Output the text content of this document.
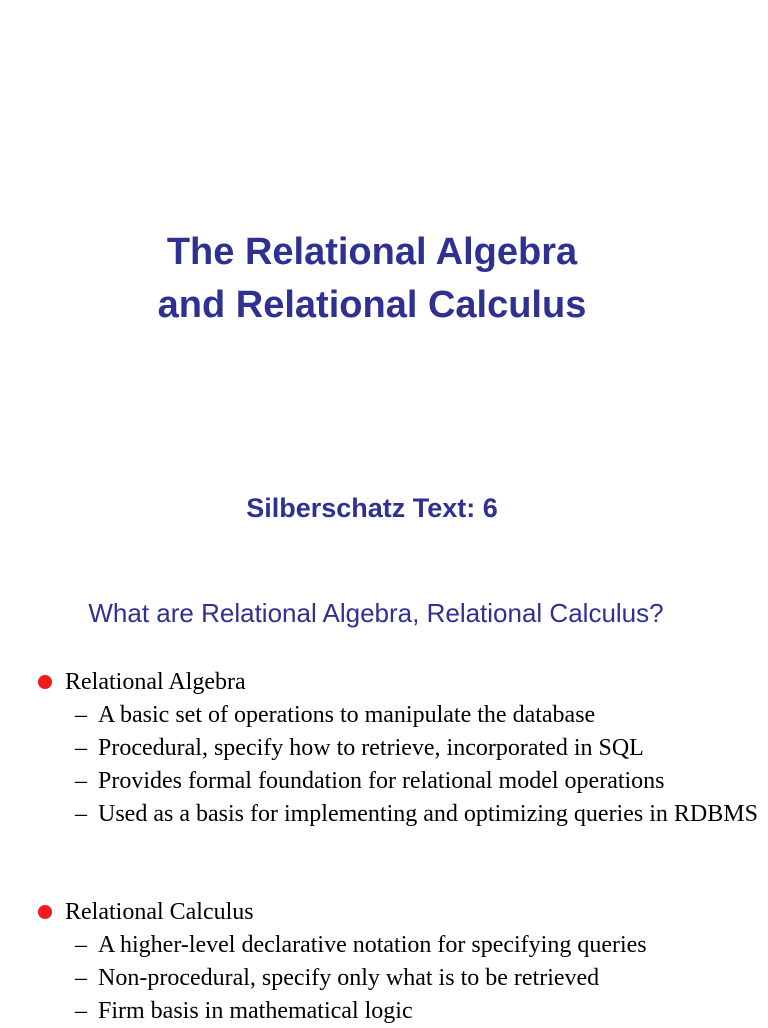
The Relational Algebra
and Relational Calculus
Silberschatz Text: 6
What are Relational Algebra, Relational Calculus?
Relational Algebra
– A basic set of operations to manipulate the database
– Procedural, specify how to retrieve, incorporated in SQL
– Provides formal foundation for relational model operations
– Used as a basis for implementing and optimizing queries in RDBMS
Relational Calculus
– A higher-level declarative notation for specifying queries
– Non-procedural, specify only what is to be retrieved
– Firm basis in mathematical logic
